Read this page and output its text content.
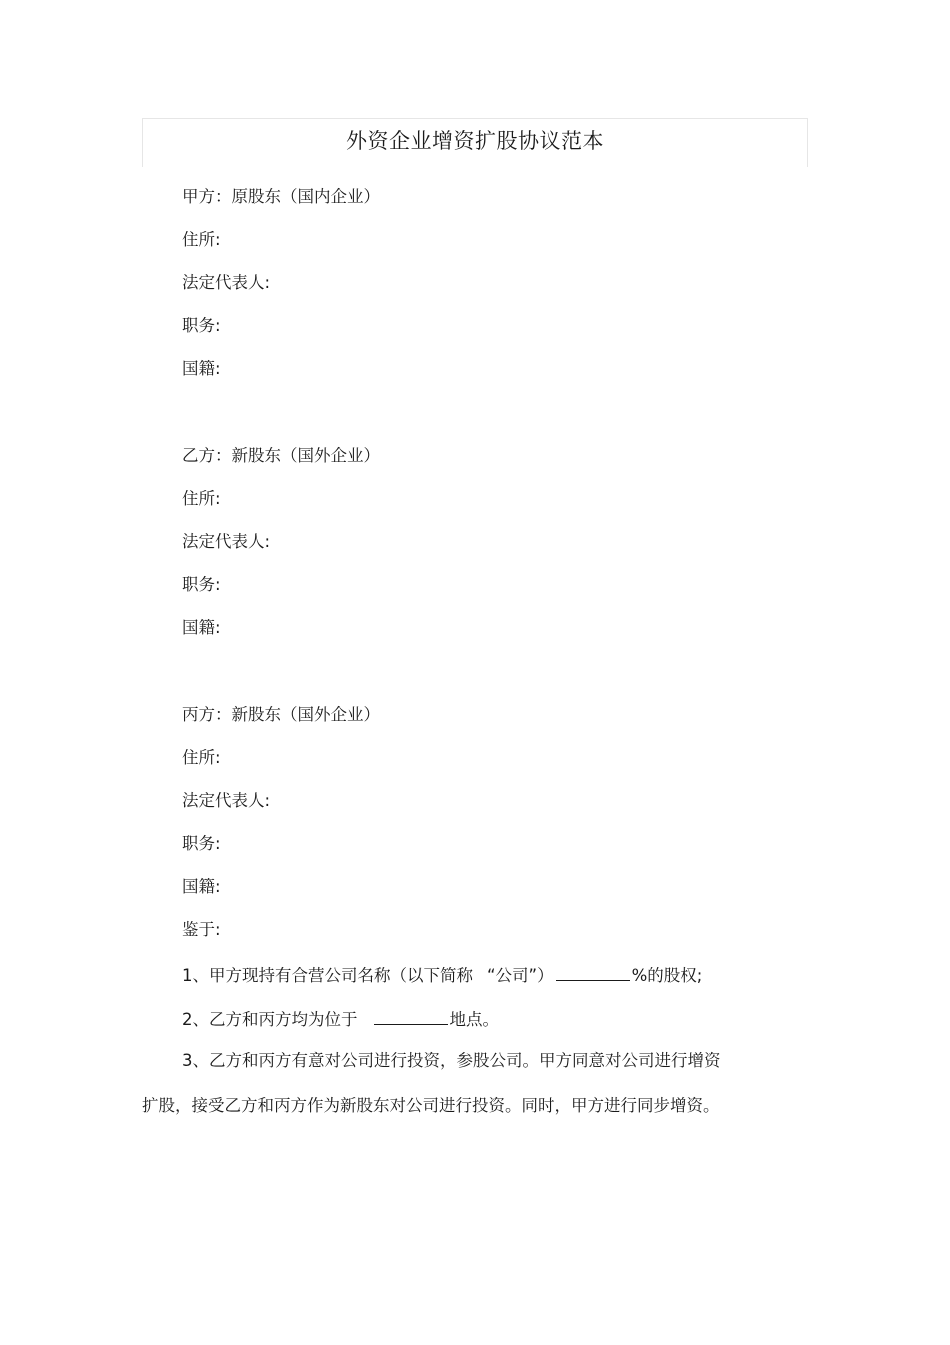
外资企业增资扩股协议范本

甲方：原股东（国内企业）

住所:

法定代表人:

职务:

国籍:

乙方：新股东（国外企业）

住所:

法定代表人:

职务:

国籍:

丙方：新股东（国外企业）

住所:

法定代表人:

职务:

国籍:

鉴于:

1、甲方现持有合营公司名称（以下简称 “公司”）	%的股权;

2、乙方和丙方均为位于	地点。

3、乙方和丙方有意对公司进行投资，参股公司。甲方同意对公司进行增资

扩股，接受乙方和丙方作为新股东对公司进行投资。同时，甲方进行同步增资。
